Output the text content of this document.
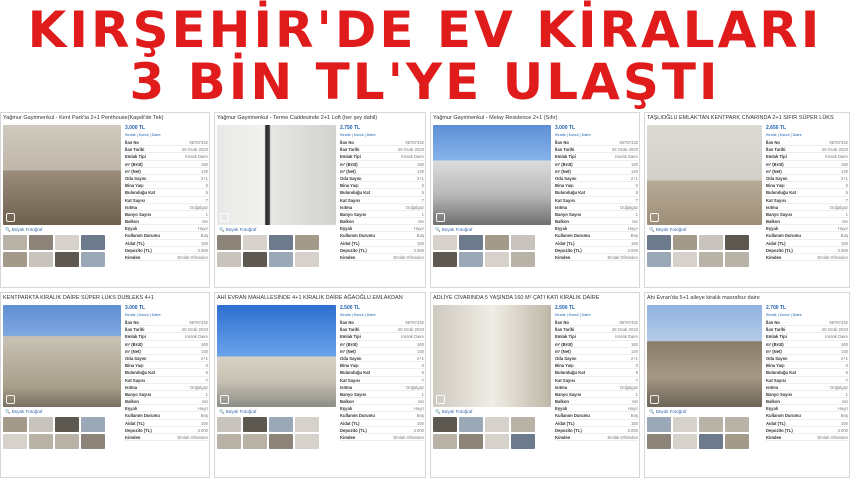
KIRŞEHİR'DE EV KİRALARI
3 BİN TL'YE ULAŞTI
Yağmur Gayrimenkul - Kent Park'ta 2+1 Penthouse(Kaşeli'de Tek)
🔍 Büyük Fotoğraf
3.000 TL
Kiralık | Konut | Daire
İlan No	95767432
İlan Tarihi	28 Ocak 2023
Emlak Tipi	Kiralık Daire
m² (Brüt)	160
m² (Net)	140
Oda Sayısı	2+1
Bina Yaşı	0
Bulunduğu Kat	5
Kat Sayısı	7
Isıtma	Doğalgaz
Banyo Sayısı	1
Balkon	Var
Eşyalı	Hayır
Kullanım Durumu	Boş
Aidat (TL)	150
Depozito (TL)	3.000
Kimden	Emlak Ofisinden
Yağmur Gayrimenkul - Terme Caddesinde 2+1 Loft (her şey dahil)
🔍 Büyük Fotoğraf
2.750 TL
Kiralık | Konut | Daire
İlan No	95767432
İlan Tarihi	28 Ocak 2023
Emlak Tipi	Kiralık Daire
m² (Brüt)	160
m² (Net)	140
Oda Sayısı	2+1
Bina Yaşı	0
Bulunduğu Kat	5
Kat Sayısı	7
Isıtma	Doğalgaz
Banyo Sayısı	1
Balkon	Var
Eşyalı	Hayır
Kullanım Durumu	Boş
Aidat (TL)	150
Depozito (TL)	3.000
Kimden	Emlak Ofisinden
Yağmur Gayrimenkul - Melay Residence 2+1 (Sıfır)
🔍 Büyük Fotoğraf
3.000 TL
Kiralık | Konut | Daire
İlan No	95767432
İlan Tarihi	28 Ocak 2023
Emlak Tipi	Kiralık Daire
m² (Brüt)	160
m² (Net)	140
Oda Sayısı	2+1
Bina Yaşı	0
Bulunduğu Kat	5
Kat Sayısı	7
Isıtma	Doğalgaz
Banyo Sayısı	1
Balkon	Var
Eşyalı	Hayır
Kullanım Durumu	Boş
Aidat (TL)	150
Depozito (TL)	3.000
Kimden	Emlak Ofisinden
TAŞLIOĞLU EMLAK'TAN KENTPARK CİVARINDA 2+1 SIFIR SÜPER LÜKS
🔍 Büyük Fotoğraf
2.650 TL
Kiralık | Konut | Daire
İlan No	95767432
İlan Tarihi	28 Ocak 2023
Emlak Tipi	Kiralık Daire
m² (Brüt)	160
m² (Net)	140
Oda Sayısı	2+1
Bina Yaşı	0
Bulunduğu Kat	5
Kat Sayısı	7
Isıtma	Doğalgaz
Banyo Sayısı	1
Balkon	Var
Eşyalı	Hayır
Kullanım Durumu	Boş
Aidat (TL)	150
Depozito (TL)	3.000
Kimden	Emlak Ofisinden
KENTPARKTA KİRALIK DAİRE SÜPER LÜKS DUBLEKS 4+1
🔍 Büyük Fotoğraf
3.000 TL
Kiralık | Konut | Daire
İlan No	95767432
İlan Tarihi	28 Ocak 2023
Emlak Tipi	Kiralık Daire
m² (Brüt)	160
m² (Net)	140
Oda Sayısı	2+1
Bina Yaşı	0
Bulunduğu Kat	5
Kat Sayısı	7
Isıtma	Doğalgaz
Banyo Sayısı	1
Balkon	Var
Eşyalı	Hayır
Kullanım Durumu	Boş
Aidat (TL)	150
Depozito (TL)	3.000
Kimden	Emlak Ofisinden
AHİ EVRAN MAHALLESİNDE 4+1 KİRALIK DAİRE AĞAOĞLU EMLAKDAN
🔍 Büyük Fotoğraf
2.500 TL
Kiralık | Konut | Daire
İlan No	95767432
İlan Tarihi	28 Ocak 2023
Emlak Tipi	Kiralık Daire
m² (Brüt)	160
m² (Net)	140
Oda Sayısı	2+1
Bina Yaşı	0
Bulunduğu Kat	5
Kat Sayısı	7
Isıtma	Doğalgaz
Banyo Sayısı	1
Balkon	Var
Eşyalı	Hayır
Kullanım Durumu	Boş
Aidat (TL)	150
Depozito (TL)	3.000
Kimden	Emlak Ofisinden
ADLİYE CİVARINDA 5 YAŞINDA 160 M² ÇATI KATI KİRALIK DAİRE
🔍 Büyük Fotoğraf
2.500 TL
Kiralık | Konut | Daire
İlan No	95767432
İlan Tarihi	28 Ocak 2023
Emlak Tipi	Kiralık Daire
m² (Brüt)	160
m² (Net)	140
Oda Sayısı	2+1
Bina Yaşı	0
Bulunduğu Kat	5
Kat Sayısı	7
Isıtma	Doğalgaz
Banyo Sayısı	1
Balkon	Var
Eşyalı	Hayır
Kullanım Durumu	Boş
Aidat (TL)	150
Depozito (TL)	3.000
Kimden	Emlak Ofisinden
Ahi Evran'da 5+1 aileye kiralık masrafsız daire
🔍 Büyük Fotoğraf
2.700 TL
Kiralık | Konut | Daire
İlan No	95767432
İlan Tarihi	28 Ocak 2023
Emlak Tipi	Kiralık Daire
m² (Brüt)	160
m² (Net)	140
Oda Sayısı	2+1
Bina Yaşı	0
Bulunduğu Kat	5
Kat Sayısı	7
Isıtma	Doğalgaz
Banyo Sayısı	1
Balkon	Var
Eşyalı	Hayır
Kullanım Durumu	Boş
Aidat (TL)	150
Depozito (TL)	3.000
Kimden	Emlak Ofisinden
